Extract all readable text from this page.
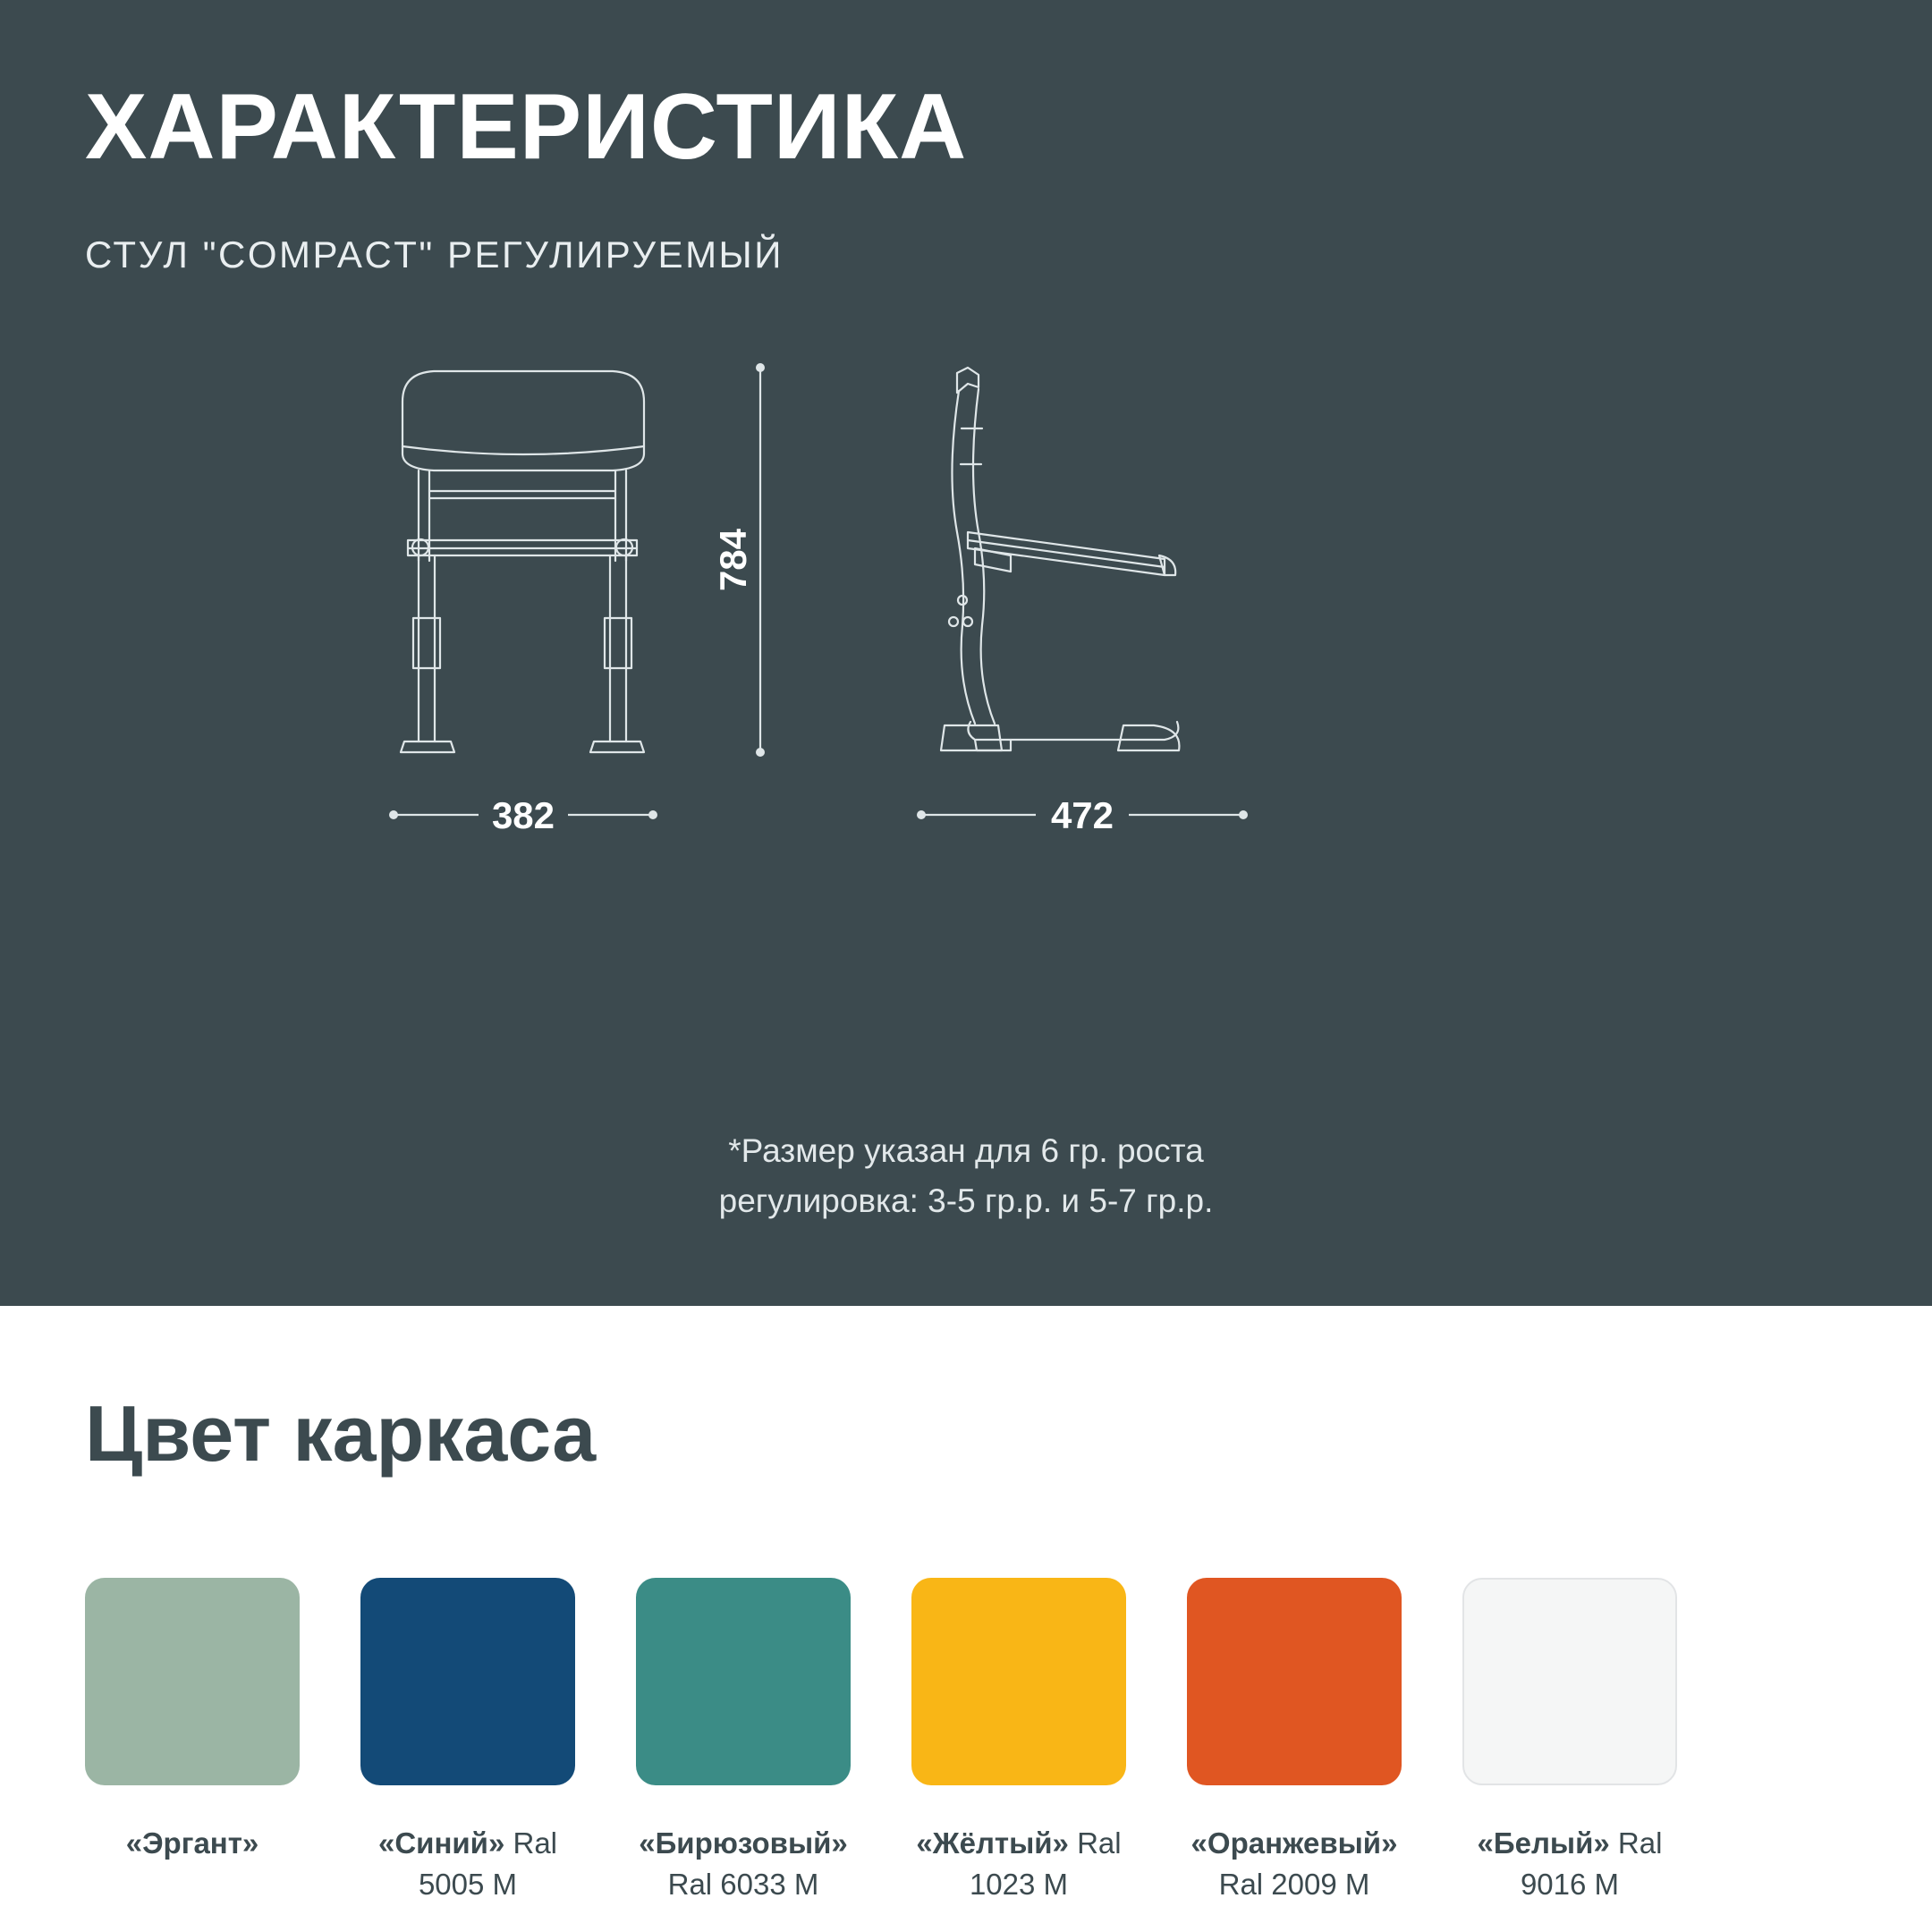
ХАРАКТЕРИСТИКА
СТУЛ "COMPACT" РЕГУЛИРУЕМЫЙ
784
382	472
*Размер указан для 6 гр. роста
регулировка: 3-5 гр.р. и 5-7 гр.р.
Цвет каркаса
«Эргант»	«Синий» Ral 5005 М
«Бирюзовый» Ral 6033 М
«Жёлтый» Ral 1023 М
«Оранжевый» Ral 2009 М
«Белый» Ral 9016 М
